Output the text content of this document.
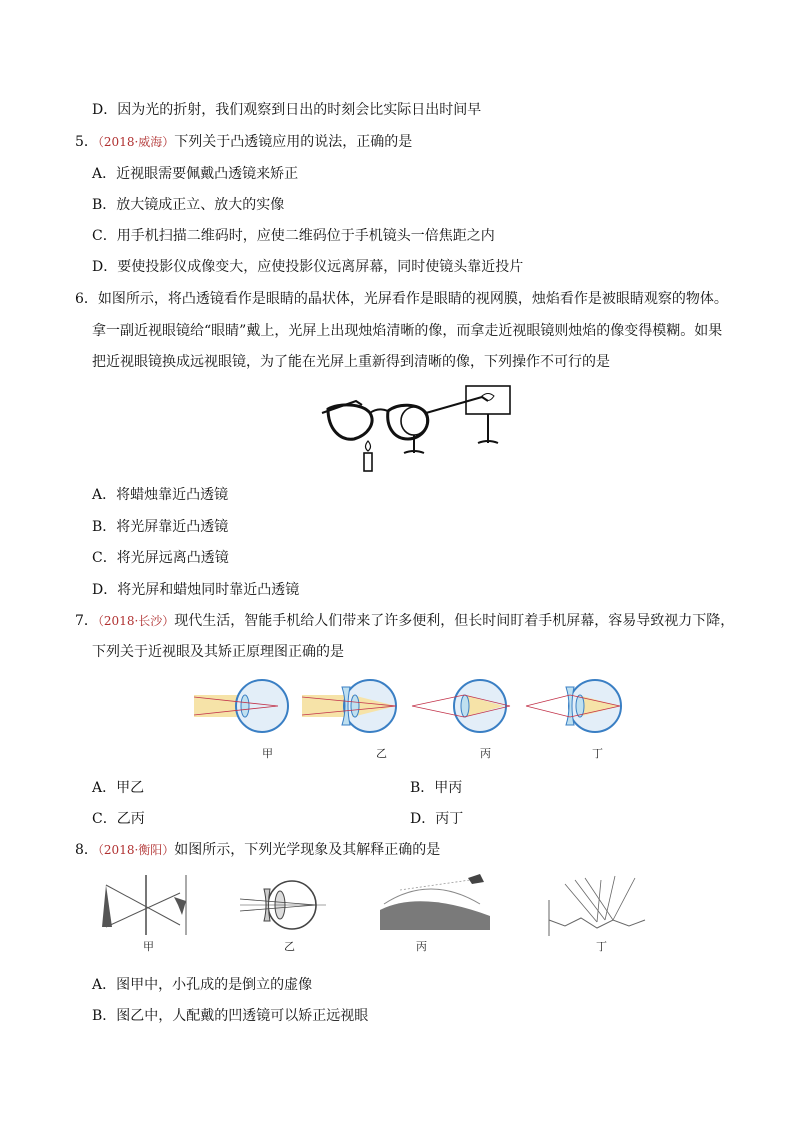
D．因为光的折射，我们观察到日出的时刻会比实际日出时间早
5．（2018·威海）下列关于凸透镜应用的说法，正确的是
A．近视眼需要佩戴凸透镜来矫正
B．放大镜成正立、放大的实像
C．用手机扫描二维码时，应使二维码位于手机镜头一倍焦距之内
D．要使投影仪成像变大，应使投影仪远离屏幕，同时使镜头靠近投片
6．如图所示，将凸透镜看作是眼睛的晶状体，光屏看作是眼睛的视网膜，烛焰看作是被眼睛观察的物体。
拿一副近视眼镜给“眼睛”戴上，光屏上出现烛焰清晰的像，而拿走近视眼镜则烛焰的像变得模糊。如果
把近视眼镜换成远视眼镜，为了能在光屏上重新得到清晰的像，下列操作不可行的是
A．将蜡烛靠近凸透镜
B．将光屏靠近凸透镜
C．将光屏远离凸透镜
D．将光屏和蜡烛同时靠近凸透镜
7．（2018·长沙）现代生活，智能手机给人们带来了许多便利，但长时间盯着手机屏幕，容易导致视力下降，
下列关于近视眼及其矫正原理图正确的是
甲	乙	丙	丁
A．甲乙	B．甲丙
C．乙丙	D．丙丁
8．（2018·衡阳）如图所示，下列光学现象及其解释正确的是
甲	乙	丙	丁
A．图甲中，小孔成的是倒立的虚像
B．图乙中，人配戴的凹透镜可以矫正远视眼
